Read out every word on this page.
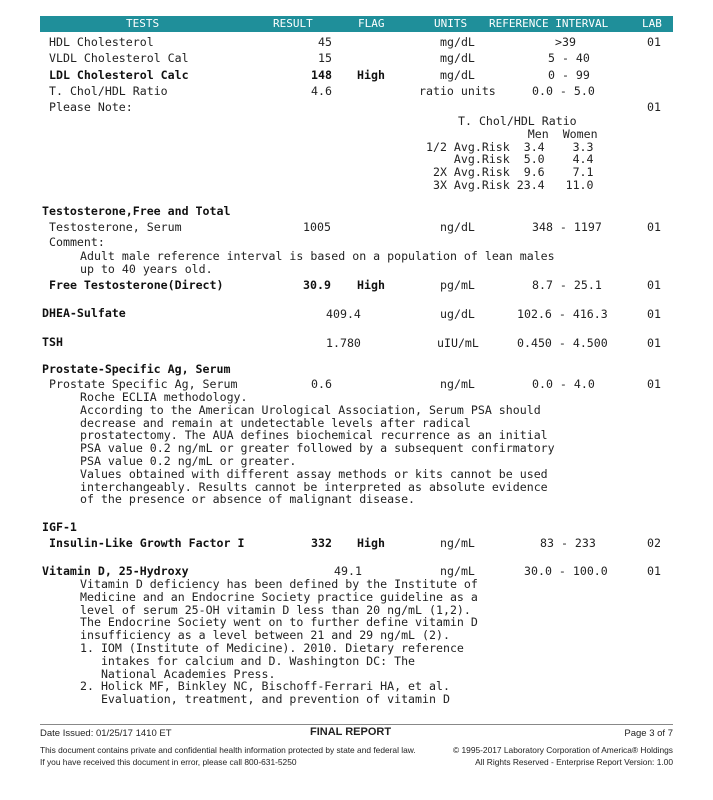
TESTS	RESULT	FLAG	UNITS REFERENCE INTERVAL	LAB
HDL Cholesterol	45	mg/dL	>39	01
VLDL Cholesterol Cal	15	mg/dL	5 - 40
LDL Cholesterol Calc	148 High	mg/dL	0 - 99
T. Chol/HDL Ratio	4.6	ratio units	0.0 - 5.0
Please Note:	01
T. Chol/HDL Ratio
Men  Women
1/2 Avg.Risk  3.4    3.3
Avg.Risk  5.0    4.4
2X Avg.Risk  9.6    7.1
3X Avg.Risk 23.4   11.0
Testosterone,Free and Total
Testosterone, Serum	1005	ng/dL	348 - 1197	01
Comment:
Adult male reference interval is based on a population of lean males
up to 40 years old.
Free Testosterone(Direct)	30.9 High	pg/mL	8.7 - 25.1	01
DHEA-Sulfate	409.4	ug/dL	102.6 - 416.3	01
TSH	1.780	uIU/mL	0.450 - 4.500	01
Prostate-Specific Ag, Serum
Prostate Specific Ag, Serum	0.6	ng/mL	0.0 - 4.0	01
Roche ECLIA methodology.
According to the American Urological Association, Serum PSA should
decrease and remain at undetectable levels after radical
prostatectomy. The AUA defines biochemical recurrence as an initial
PSA value 0.2 ng/mL or greater followed by a subsequent confirmatory
PSA value 0.2 ng/mL or greater.
Values obtained with different assay methods or kits cannot be used
interchangeably. Results cannot be interpreted as absolute evidence
of the presence or absence of malignant disease.
IGF-1
Insulin-Like Growth Factor I	332 High	ng/mL	83 - 233	02
Vitamin D, 25-Hydroxy	49.1	ng/mL	30.0 - 100.0	01
Vitamin D deficiency has been defined by the Institute of
Medicine and an Endocrine Society practice guideline as a
level of serum 25-OH vitamin D less than 20 ng/mL (1,2).
The Endocrine Society went on to further define vitamin D
insufficiency as a level between 21 and 29 ng/mL (2).
1. IOM (Institute of Medicine). 2010. Dietary reference
intakes for calcium and D. Washington DC: The
National Academies Press.
2. Holick MF, Binkley NC, Bischoff-Ferrari HA, et al.
Evaluation, treatment, and prevention of vitamin D
Date Issued: 01/25/17 1410 ET	FINAL REPORT	Page 3 of 7
This document contains private and confidential health information protected by state and federal law.
If you have received this document in error, please call 800-631-5250
© 1995-2017 Laboratory Corporation of America® Holdings
All Rights Reserved - Enterprise Report Version: 1.00
